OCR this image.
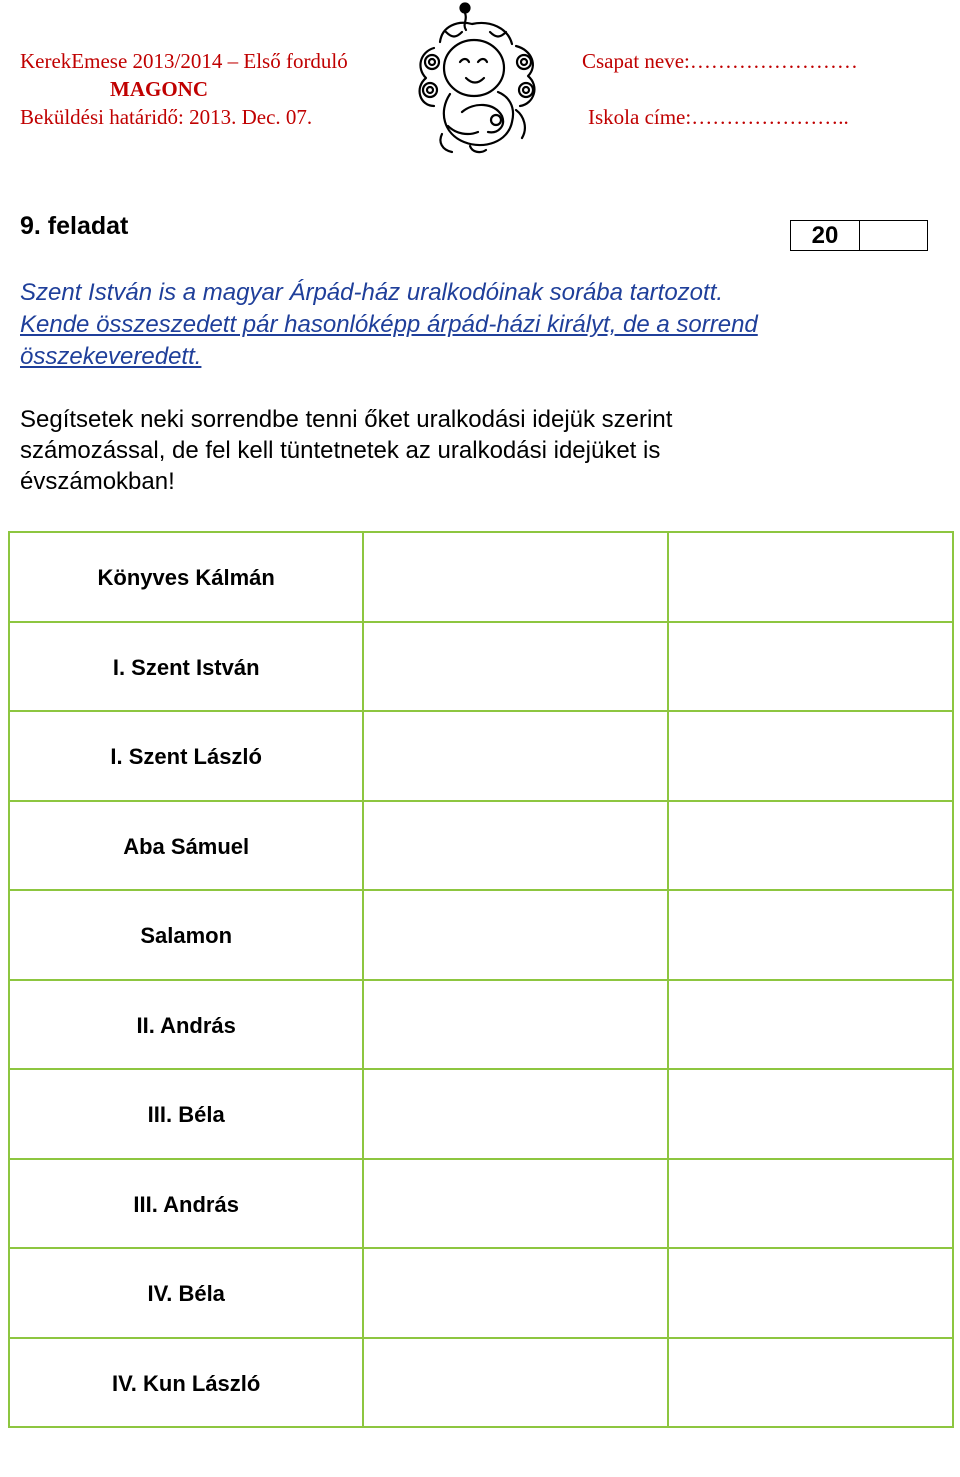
KerekEmese 2013/2014 – Első forduló
MAGONC
Beküldési határidő: 2013. Dec. 07.
Csapat neve:……………………
Iskola címe:…………………..
9. feladat	20
Szent István is a magyar Árpád-ház uralkodóinak sorába tartozott.
Kende összeszedett pár hasonlóképp árpád-házi királyt, de a sorrend
összekeveredett.
Segítsetek neki sorrendbe tenni őket uralkodási idejük szerint
számozással, de fel kell tüntetnetek az uralkodási idejüket is
évszámokban!
Könyves Kálmán		
I. Szent István		
I. Szent László		
Aba Sámuel		
Salamon		
II. András		
III. Béla		
III. András		
IV. Béla		
IV. Kun László		
